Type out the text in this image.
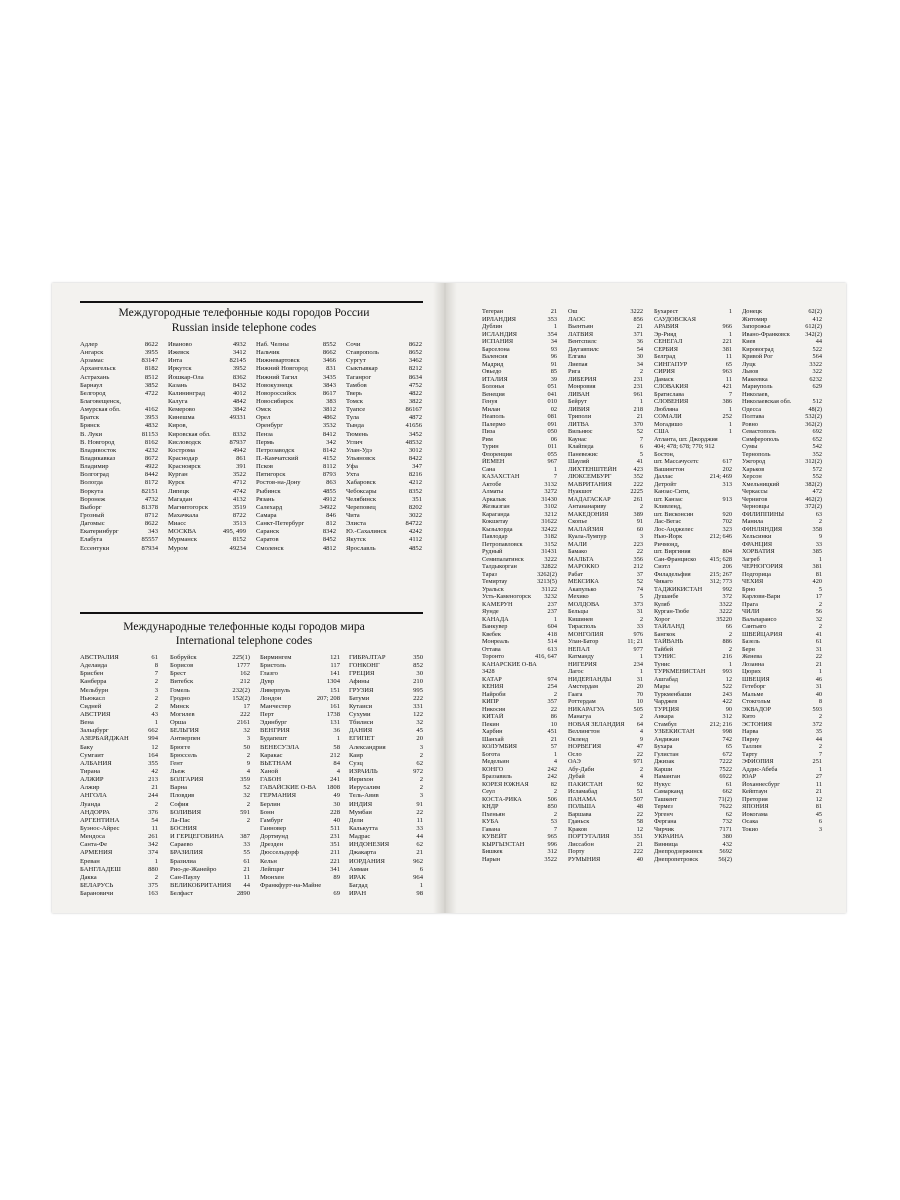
Междугородные телефонные коды городов России
Russian inside telephone codes
Международные телефонные коды городов мира
International telephone codes
Адлер	8622
Ангарск	3955
Арзамас	83147
Архангельск	8182
Астрахань	8512
Барнаул	3852
Белгород	4722
Благовещенск,
Амурская обл.	4162
Братск	3953
Брянск	4832
В. Луки	81153
В. Новгород	8162
Владивосток	4232
Владикавказ	8672
Владимир	4922
Волгоград	8442
Вологда	8172
Воркута	82151
Воронеж	4732
Выборг	81378
Грозный	8712
Дагомыс	8622
Екатеринбург	343
Елабуга	85557
Ессентуки	87934
Иваново	4932
Ижевск	3412
Инта	82145
Иркутск	3952
Йошкар-Ола	8362
Казань	8432
Калининград	4012
Калуга	4842
Кемерово	3842
Кинешма	49331
Киров,
Кировская обл.	8332
Кисловодск	87937
Кострома	4942
Краснодар	861
Красноярск	391
Курган	3522
Курск	4712
Липецк	4742
Магадан	4132
Магнитогорск	3519
Махачкала	8722
Миасс	3513
МОСКВА	495, 499
Мурманск	8152
Муром	49234
Наб. Челны	8552
Нальчик	8662
Нижневартовск	3466
Нижний Новгород	831
Нижний Тагил	3435
Новокузнецк	3843
Новороссийск	8617
Новосибирск	383
Омск	3812
Орел	4862
Оренбург	3532
Пенза	8412
Пермь	342
Петрозаводск	8142
П.-Камчатский	4152
Псков	8112
Пятигорск	8793
Ростов-на-Дону	863
Рыбинск	4855
Рязань	4912
Салехард	34922
Самара	846
Санкт-Петербург	812
Саранск	8342
Саратов	8452
Смоленск	4812
Сочи	8622
Ставрополь	8652
Сургут	3462
Сыктывкар	8212
Таганрог	8634
Тамбов	4752
Тверь	4822
Томск	3822
Туапсе	86167
Тула	4872
Тында	41656
Тюмень	3452
Углич	48532
Улан-Удэ	3012
Ульяновск	8422
Уфа	347
Ухта	8216
Хабаровск	4212
Чебоксары	8352
Челябинск	351
Череповец	8202
Чита	3022
Элиста	84722
Ю.-Сахалинск	4242
Якутск	4112
Ярославль	4852
АВСТРАЛИЯ	61
Аделаида	8
Брисбен	7
Канберра	2
Мельбурн	3
Ньюкасл	2
Сидней	2
АВСТРИЯ	43
Вена	1
Зальцбург	662
АЗЕРБАЙДЖАН	994
Баку	12
Сумгаит	164
АЛБАНИЯ	355
Тирана	42
АЛЖИР	213
Алжир	21
АНГОЛА	244
Луанда	2
АНДОРРА	376
АРГЕНТИНА	54
Буэнос-Айрес	11
Мендоса	261
Санта-Фе	342
АРМЕНИЯ	374
Ереван	1
БАНГЛАДЕШ	880
Дакка	2
БЕЛАРУСЬ	375
Барановичи	163
Бобруйск	225(1)
Борисов	1777
Брест	162
Витебск	212
Гомель	232(2)
Гродно	152(2)
Минск	17
Могилев	222
Орша	2161
БЕЛЬГИЯ	32
Антверпен	3
Брюгге	50
Брюссель	2
Гент	9
Льеж	4
БОЛГАРИЯ	359
Варна	52
Пловдив	32
София	2
БОЛИВИЯ	591
Ла-Пас	2
БОСНИЯ
И ГЕРЦЕГОВИНА	387
Сараево	33
БРАЗИЛИЯ	55
Бразилиа	61
Рио-де-Жанейро	21
Сан-Паулу	11
ВЕЛИКОБРИТАНИЯ	44
Белфаст	2890
Бирмингем	121
Бристоль	117
Глазго	141
Дувр	1304
Ливерпуль	151
Лондон	207; 208
Манчестер	161
Перт	1738
Эдинбург	131
ВЕНГРИЯ	36
Будапешт	1
ВЕНЕСУЭЛА	58
Каракас	212
ВЬЕТНАМ	84
Ханой	4
ГАБОН	241
ГАВАЙСКИЕ О-ВА	1808
ГЕРМАНИЯ	49
Берлин	30
Бонн	228
Гамбург	40
Ганновер	511
Дортмунд	231
Дрезден	351
Дюссельдорф	211
Кельн	221
Лейпциг	341
Мюнхен	89
Франкфурт-на-Майне
69
ГИБРАЛТАР	350
ГОНКОНГ	852
ГРЕЦИЯ	30
Афины	210
ГРУЗИЯ	995
Батуми	222
Кутаиси	331
Сухуми	122
Тбилиси	32
ДАНИЯ	45
ЕГИПЕТ	20
Александрия	3
Каир	2
Суэц	62
ИЗРАИЛЬ	972
Иерихон	2
Иерусалим	2
Тель-Авив	3
ИНДИЯ	91
Мумбаи	22
Дели	11
Калькутта	33
Мадрас	44
ИНДОНЕЗИЯ	62
Джакарта	21
ИОРДАНИЯ	962
Амман	6
ИРАК	964
Багдад	1
ИРАН	98
Тегеран	21
ИРЛАНДИЯ	353
Дублин	1
ИСЛАНДИЯ	354
ИСПАНИЯ	34
Барселона	93
Валенсия	96
Мадрид	91
Овьедо	85
ИТАЛИЯ	39
Болонья	051
Венеция	041
Генуя	010
Милан	02
Неаполь	081
Палермо	091
Пиза	050
Рим	06
Турин	011
Флоренция	055
ЙЕМЕН	967
Сана	1
КАЗАХСТАН	7
Актобе	3132
Алматы	3272
Аркалык	31430
Жезказган	3102
Караганда	3212
Кокшетау	31622
Кызылорда	32422
Павлодар	3182
Петропавловск	3152
Рудный	31431
Семипалатинск	3222
Талдыкорган	32822
Тараз	3262(2)
Темиртау	3213(5)
Уральск	31122
Усть-Каменогорск	3232
КАМЕРУН	237
Яунде	237
КАНАДА	1
Ванкувер	604
Квебек	418
Монреаль	514
Оттава	613
Торонто	416, 647
КАНАРСКИЕ О-ВА
3428
КАТАР	974
КЕНИЯ	254
Найроби	2
КИПР	357
Никосия	22
КИТАЙ	86
Пекин	10
Харбин	451
Шанхай	21
КОЛУМБИЯ	57
Богота	1
Медельин	4
КОНГО	242
Браззавиль	242
КОРЕЯ ЮЖНАЯ	82
Сеул	2
КОСТА-РИКА	506
КНДР	850
Пхеньян	2
КУБА	53
Гавана	7
КУВЕЙТ	965
КЫРГЫЗСТАН	996
Бишкек	312
Нарын	3522
Ош	3222
ЛАОС	856
Вьентьян	21
ЛАТВИЯ	371
Вентспилс	36
Даугавпилс	54
Елгава	30
Лиепая	34
Рига	2
ЛИБЕРИЯ	231
Монровия	231
ЛИВАН	961
Бейрут	1
ЛИВИЯ	218
Триполи	21
ЛИТВА	370
Вильнюс	52
Каунас	7
Клайпеда	6
Паневежис	5
Шауляй	41
ЛИХТЕНШТЕЙН	423
ЛЮКСЕМБУРГ	352
МАВРИТАНИЯ	222
Нуакшот	2225
МАДАГАСКАР	261
Антананариву	2
МАКЕДОНИЯ	389
Скопье	91
МАЛАЙЗИЯ	60
Куала-Лумпур	3
МАЛИ	223
Бамако	22
МАЛЬТА	356
МАРОККО	212
Рабат	37
МЕКСИКА	52
Акапулько	74
Мехико	5
МОЛДОВА	373
Бельцы	31
Кишинев	2
Тирасполь	33
МОНГОЛИЯ	976
Улан-Батор	11; 21
НЕПАЛ	977
Катманду	1
НИГЕРИЯ	234
Лагос	1
НИДЕРЛАНДЫ	31
Амстердам	20
Гаага	70
Роттердам	10
НИКАРАГУА	505
Манагуа	2
НОВАЯ ЗЕЛАНДИЯ	64
Веллингтон	4
Окленд	9
НОРВЕГИЯ	47
Осло	22
ОАЭ	971
Абу-Даби	2
Дубай	4
ПАКИСТАН	92
Исламабад	51
ПАНАМА	507
ПОЛЬША	48
Варшава	22
Гданьск	58
Краков	12
ПОРТУГАЛИЯ	351
Лиссабон	21
Порту	222
РУМЫНИЯ	40
Бухарест	1
САУДОВСКАЯ
АРАВИЯ	966
Эр-Рияд	1
СЕНЕГАЛ	221
СЕРБИЯ	381
Белград	11
СИНГАПУР	65
СИРИЯ	963
Дамаск	11
СЛОВАКИЯ	421
Братислава	7
СЛОВЕНИЯ	386
Любляна	1
СОМАЛИ	252
Могадишо	1
США	1
Атланта, шт. Джорджия
404; 478; 678; 770; 912
Бостон,
шт. Массачусетс	617
Вашингтон	202
Даллас	214; 469
Детройт	313
Канзас-Сити,
шт. Канзас	913
Кливленд,
шт. Висконсин	920
Лас-Вегас	702
Лос-Анджелес	323
Нью-Йорк	212; 646
Ричмонд,
шт. Виргиния	804
Сан-Франциско	415; 628
Сиэтл	206
Филадельфия	215; 267
Чикаго	312; 773
ТАДЖИКИСТАН	992
Душанбе	372
Куляб	3322
Курган-Тюбе	3222
Хорог	35220
ТАЙЛАНД	66
Бангкок	2
ТАЙВАНЬ	886
Тайбей	2
ТУНИС	216
Тунис	1
ТУРКМЕНИСТАН	993
Ашгабад	12
Мары	522
Туркменбаши	243
Чарджев	422
ТУРЦИЯ	90
Анкара	312
Стамбул	212; 216
УЗБЕКИСТАН	998
Андижан	742
Бухара	65
Гулистан	672
Джизак	7222
Карши	7522
Наманган	6922
Нукус	61
Самарканд	662
Ташкент	71(2)
Термез	7622
Ургенч	62
Фергана	732
Чирчик	7171
УКРАИНА	380
Винница	432
Днепродзержинск	5692
Днепропетровск	56(2)
Донецк	62(2)
Житомир	412
Запорожье	612(2)
Ивано-Франковск	342(2)
Киев	44
Кировоград	522
Кривой Рог	564
Луцк	3322
Львов	322
Макеевка	6232
Мариуполь	629
Николаев,
Николаевская обл.	512
Одесса	48(2)
Полтава	532(2)
Ровно	362(2)
Севастополь	692
Симферополь	652
Сумы	542
Тернополь	352
Ужгород	312(2)
Харьков	572
Херсон	552
Хмельницкий	382(2)
Черкассы	472
Чернигов	462(2)
Черновцы	372(2)
ФИЛИППИНЫ	63
Манила	2
ФИНЛЯНДИЯ	358
Хельсинки	9
ФРАНЦИЯ	33
ХОРВАТИЯ	385
Загреб	1
ЧЕРНОГОРИЯ	381
Подгорица	81
ЧЕХИЯ	420
Брно	5
Карлови-Вари	17
Прага	2
ЧИЛИ	56
Вальпараисо	32
Сантьяго	2
ШВЕЙЦАРИЯ	41
Базель	61
Берн	31
Женева	22
Лозанна	21
Цюрих	1
ШВЕЦИЯ	46
Гетеборг	31
Мальме	40
Стокгольм	8
ЭКВАДОР	593
Кито	2
ЭСТОНИЯ	372
Нарва	35
Пярну	44
Таллин	2
Тарту	7
ЭФИОПИЯ	251
Аддис-Абеба	1
ЮАР	27
Йоханнесбург	11
Кейптаун	21
Претория	12
ЯПОНИЯ	81
Иокогама	45
Осака	6
Токио	3
